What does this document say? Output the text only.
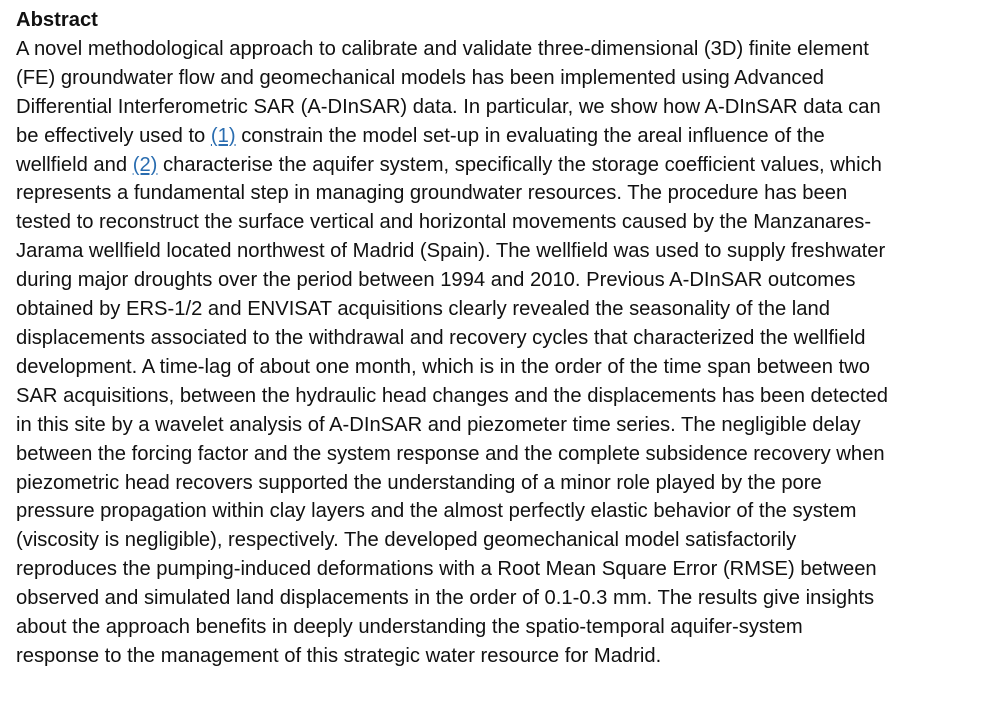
Abstract
A novel methodological approach to calibrate and validate three-dimensional (3D) finite element
(FE) groundwater flow and geomechanical models has been implemented using Advanced
Differential Interferometric SAR (A-DInSAR) data. In particular, we show how A-DInSAR data can
be effectively used to (1) constrain the model set-up in evaluating the areal influence of the
wellfield and (2) characterise the aquifer system, specifically the storage coefficient values, which
represents a fundamental step in managing groundwater resources. The procedure has been
tested to reconstruct the surface vertical and horizontal movements caused by the Manzanares-
Jarama wellfield located northwest of Madrid (Spain). The wellfield was used to supply freshwater
during major droughts over the period between 1994 and 2010. Previous A-DInSAR outcomes
obtained by ERS-1/2 and ENVISAT acquisitions clearly revealed the seasonality of the land
displacements associated to the withdrawal and recovery cycles that characterized the wellfield
development. A time-lag of about one month, which is in the order of the time span between two
SAR acquisitions, between the hydraulic head changes and the displacements has been detected
in this site by a wavelet analysis of A-DInSAR and piezometer time series. The negligible delay
between the forcing factor and the system response and the complete subsidence recovery when
piezometric head recovers supported the understanding of a minor role played by the pore
pressure propagation within clay layers and the almost perfectly elastic behavior of the system
(viscosity is negligible), respectively. The developed geomechanical model satisfactorily
reproduces the pumping-induced deformations with a Root Mean Square Error (RMSE) between
observed and simulated land displacements in the order of 0.1-0.3 mm. The results give insights
about the approach benefits in deeply understanding the spatio-temporal aquifer-system
response to the management of this strategic water resource for Madrid.
